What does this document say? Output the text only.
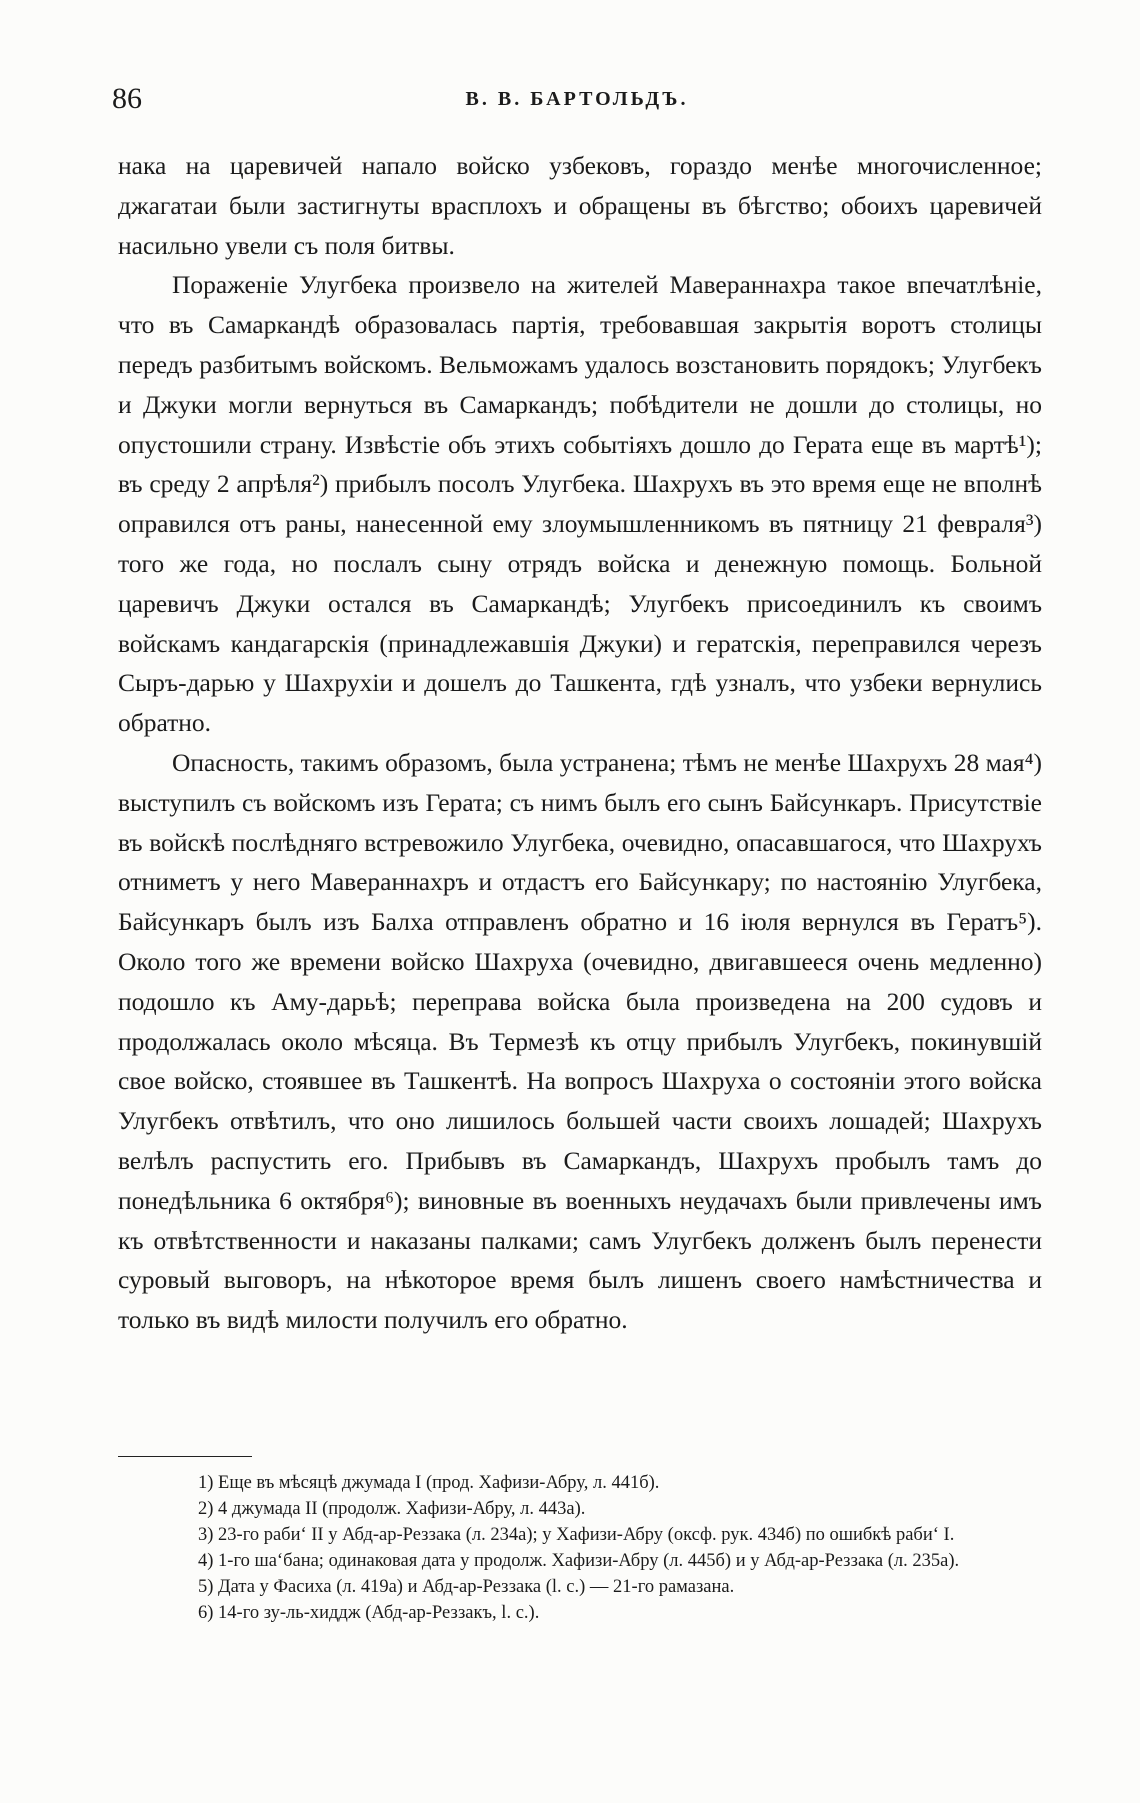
86	В. В. БАРТОЛЬДЪ.

нака на царевичей напало войско узбековъ, гораздо менѣе многочисленное; джагатаи были застигнуты врасплохъ и обращены въ бѣгство; обоихъ царевичей насильно увели съ поля битвы.

Пораженіе Улугбека произвело на жителей Мавераннахра такое впечатлѣніе, что въ Самаркандѣ образовалась партія, требовавшая закрытія воротъ столицы передъ разбитымъ войскомъ. Вельможамъ удалось возстановить порядокъ; Улугбекъ и Джуки могли вернуться въ Самаркандъ; побѣдители не дошли до столицы, но опустошили страну. Извѣстіе объ этихъ событіяхъ дошло до Герата еще въ мартѣ¹); въ среду 2 апрѣля²) прибылъ посолъ Улугбека. Шахрухъ въ это время еще не вполнѣ оправился отъ раны, нанесенной ему злоумышленникомъ въ пятницу 21 февраля³) того же года, но послалъ сыну отрядъ войска и денежную помощь. Больной царевичъ Джуки остался въ Самаркандѣ; Улугбекъ присоединилъ къ своимъ войскамъ кандагарскія (принадлежавшія Джуки) и гератскія, переправился черезъ Сыръ-дарью у Шахрухіи и дошелъ до Ташкента, гдѣ узналъ, что узбеки вернулись обратно.

Опасность, такимъ образомъ, была устранена; тѣмъ не менѣе Шахрухъ 28 мая⁴) выступилъ съ войскомъ изъ Герата; съ нимъ былъ его сынъ Байсункаръ. Присутствіе въ войскѣ послѣдняго встревожило Улугбека, очевидно, опасавшагося, что Шахрухъ отниметъ у него Мавераннахръ и отдастъ его Байсункару; по настоянію Улугбека, Байсункаръ былъ изъ Балха отправленъ обратно и 16 іюля вернулся въ Гератъ⁵). Около того же времени войско Шахруха (очевидно, двигавшееся очень медленно) подошло къ Аму-дарьѣ; переправа войска была произведена на 200 судовъ и продолжалась около мѣсяца. Въ Термезѣ къ отцу прибылъ Улугбекъ, покинувшій свое войско, стоявшее въ Ташкентѣ. На вопросъ Шахруха о состояніи этого войска Улугбекъ отвѣтилъ, что оно лишилось большей части своихъ лошадей; Шахрухъ велѣлъ распустить его. Прибывъ въ Самаркандъ, Шахрухъ пробылъ тамъ до понедѣльника 6 октября⁶); виновные въ военныхъ неудачахъ были привлечены имъ къ отвѣтственности и наказаны палками; самъ Улугбекъ долженъ былъ перенести суровый выговоръ, на нѣкоторое время былъ лишенъ своего намѣстничества и только въ видѣ милости получилъ его обратно.

1) Еще въ мѣсяцѣ джумада I (прод. Хафизи-Абру, л. 441б).

2) 4 джумада II (продолж. Хафизи-Абру, л. 443а).

3) 23-го раби‘ II у Абд-ар-Реззака (л. 234а); у Хафизи-Абру (оксф. рук. 434б) по ошибкѣ раби‘ I.

4) 1-го ша‘бана; одинаковая дата у продолж. Хафизи-Абру (л. 445б) и у Абд-ар-Реззака (л. 235а).

5) Дата у Фасиха (л. 419а) и Абд-ар-Реззака (l. c.) — 21-го рамазана.

6) 14-го зу-ль-хиддж (Абд-ар-Реззакъ, l. c.).
